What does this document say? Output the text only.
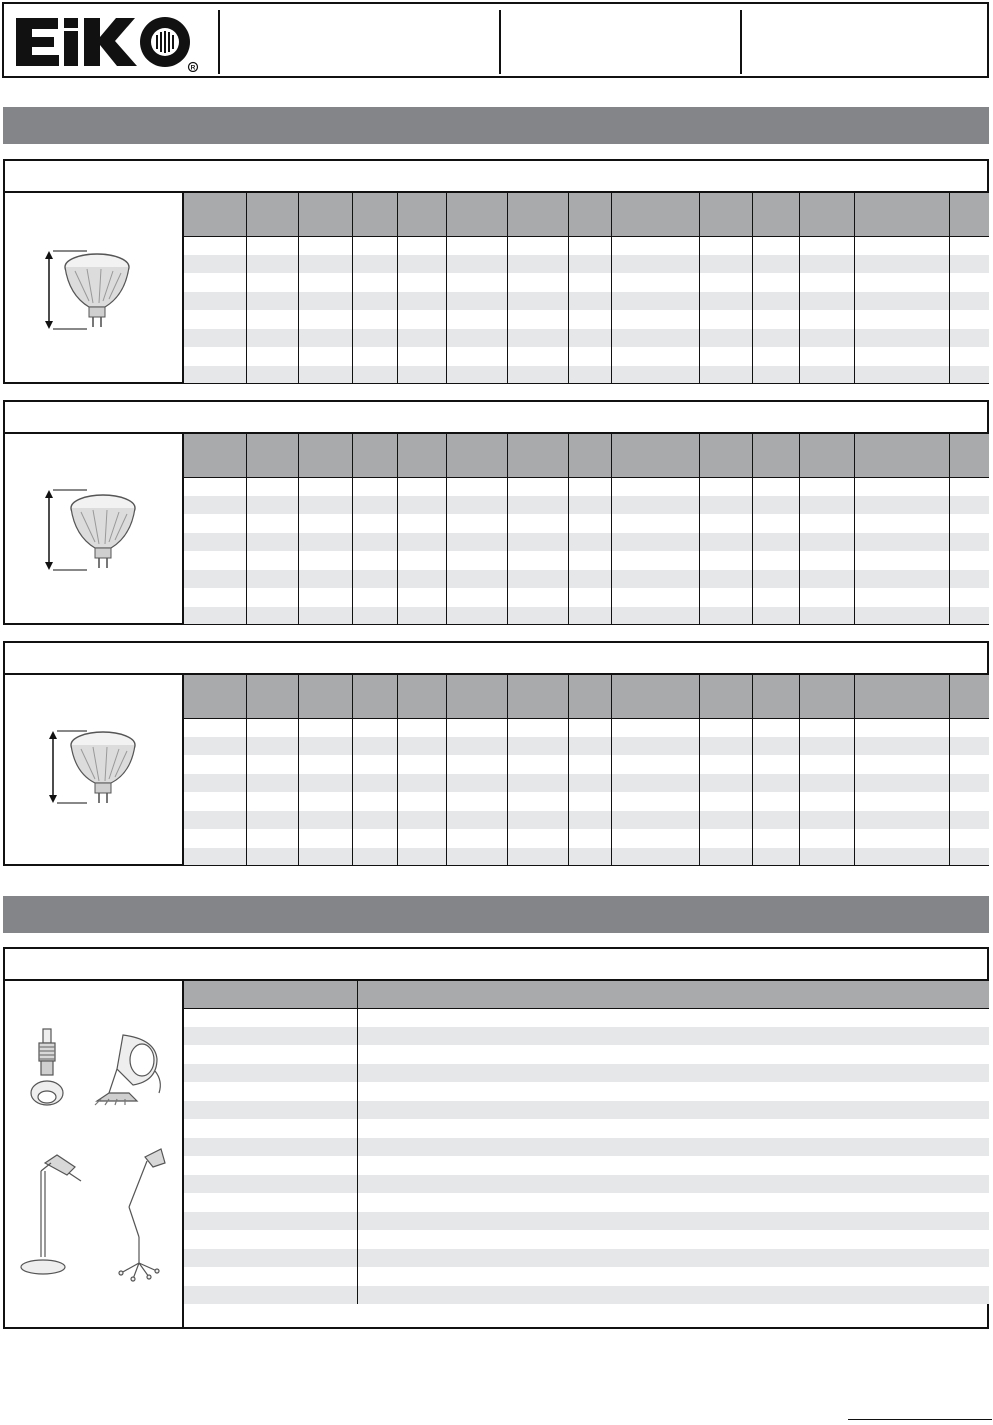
R
